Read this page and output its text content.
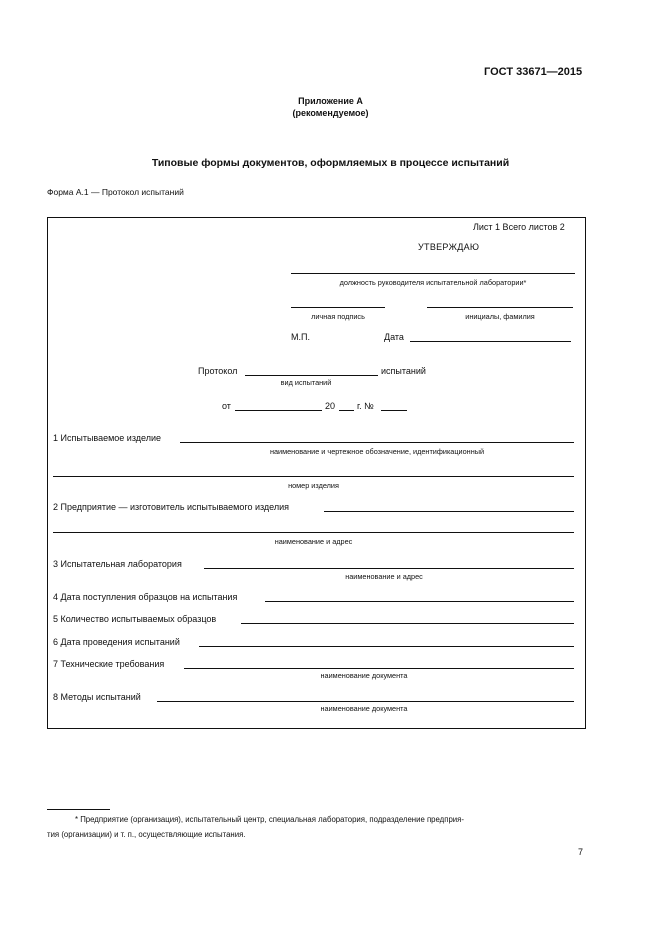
ГОСТ 33671—2015
Приложение А
(рекомендуемое)
Типовые формы документов, оформляемых в процессе испытаний
Форма А.1 — Протокол испытаний
Лист 1 Всего листов 2
УТВЕРЖДАЮ
должность руководителя испытательной лаборатории*
личная подпись	инициалы, фамилия
М.П.	Дата
Протокол	испытаний
вид испытаний
от	20 г. №
1 Испытываемое изделие
наименование и чертежное обозначение, идентификационный
номер изделия
2 Предприятие — изготовитель испытываемого изделия
наименование и адрес
3 Испытательная лаборатория
наименование и адрес
4 Дата поступления образцов на испытания
5 Количество испытываемых образцов
6 Дата проведения испытаний
7 Технические требования
наименование документа
8 Методы испытаний
наименование документа
* Предприятие (организация), испытательный центр, специальная лаборатория, подразделение предприя-
тия (организации) и т. п., осуществляющие испытания.
7
